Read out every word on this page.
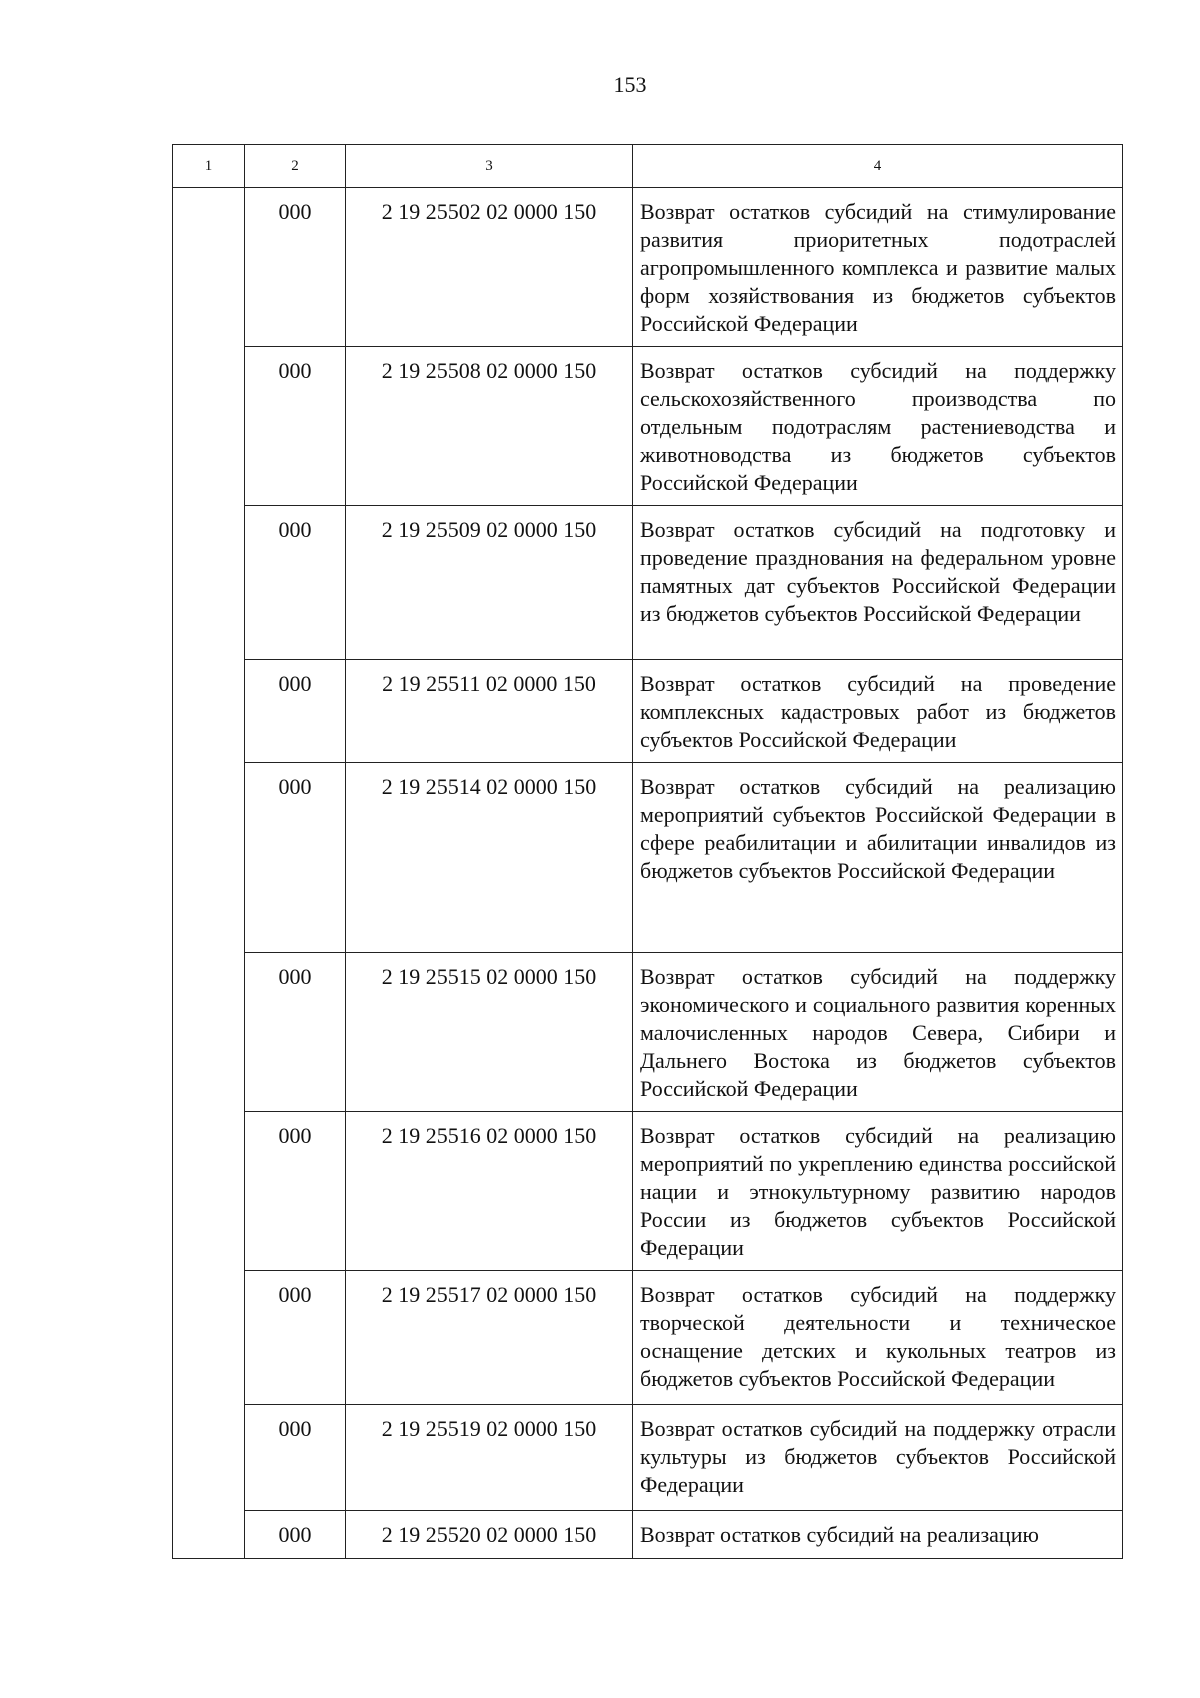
153
1	2	3	4
	000	2 19 25502 02 0000 150	Возврат остатков субсидий на стимулирование развития приоритетных подотраслей агропромышленного комплекса и развитие малых форм хозяйствования из бюджетов субъектов Российской Федерации
	000	2 19 25508 02 0000 150	Возврат остатков субсидий на поддержку сельскохозяйственного производства по отдельным подотраслям растениеводства и животноводства из бюджетов субъектов Российской Федерации
	000	2 19 25509 02 0000 150	Возврат остатков субсидий на подготовку и проведение празднования на федеральном уровне памятных дат субъектов Российской Федерации из бюджетов субъектов Российской Федерации
	000	2 19 25511 02 0000 150	Возврат остатков субсидий на проведение комплексных кадастровых работ из бюджетов субъектов Российской Федерации
	000	2 19 25514 02 0000 150	Возврат остатков субсидий на реализацию мероприятий субъектов Российской Федерации в сфере реабилитации и абилитации инвалидов из бюджетов субъектов Российской Федерации
	000	2 19 25515 02 0000 150	Возврат остатков субсидий на поддержку экономического и социального развития коренных малочисленных народов Севера, Сибири и Дальнего Востока из бюджетов субъектов Российской Федерации
	000	2 19 25516 02 0000 150	Возврат остатков субсидий на реализацию мероприятий по укреплению единства российской нации и этнокультурному развитию народов России из бюджетов субъектов Российской Федерации
	000	2 19 25517 02 0000 150	Возврат остатков субсидий на поддержку творческой деятельности и техническое оснащение детских и кукольных театров из бюджетов субъектов Российской Федерации
	000	2 19 25519 02 0000 150	Возврат остатков субсидий на поддержку отрасли культуры из бюджетов субъектов Российской Федерации
	000	2 19 25520 02 0000 150	Возврат остатков субсидий на реализацию
